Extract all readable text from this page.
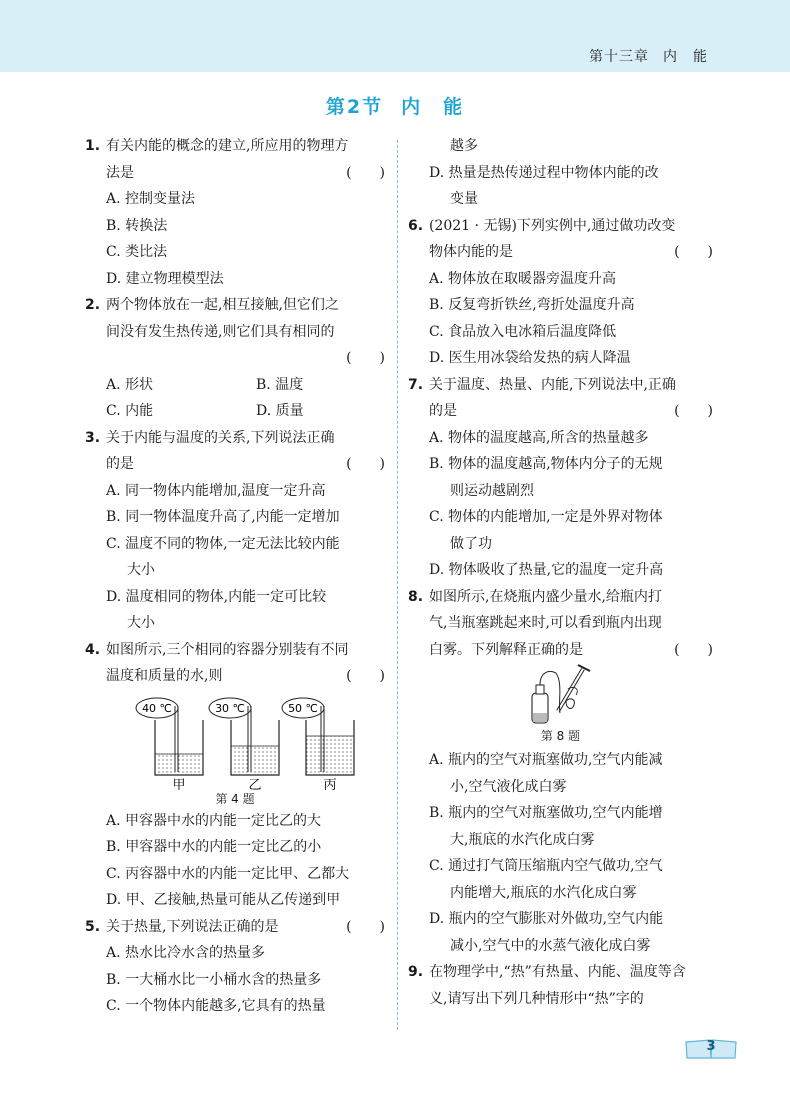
第十三章 内　能
第2节 内　能
1. 有关内能的概念的建立,所应用的物理方
法是	(　　)
A. 控制变量法
B. 转换法
C. 类比法
D. 建立物理模型法
2. 两个物体放在一起,相互接触,但它们之
间没有发生热传递,则它们具有相同的
(　　)
A. 形状	B. 温度
C. 内能	D. 质量
3. 关于内能与温度的关系,下列说法正确
的是	(　　)
A. 同一物体内能增加,温度一定升高
B. 同一物体温度升高了,内能一定增加
C. 温度不同的物体,一定无法比较内能
大小
D. 温度相同的物体,内能一定可比较
大小
4. 如图所示,三个相同的容器分别装有不同
温度和质量的水,则	(　　)
40 ℃	30 ℃	50 ℃
甲	乙	丙
第 4 题
A. 甲容器中水的内能一定比乙的大
B. 甲容器中水的内能一定比乙的小
C. 丙容器中水的内能一定比甲、乙都大
D. 甲、乙接触,热量可能从乙传递到甲
5. 关于热量,下列说法正确的是	(　　)
A. 热水比冷水含的热量多
B. 一大桶水比一小桶水含的热量多
C. 一个物体内能越多,它具有的热量
越多
D. 热量是热传递过程中物体内能的改
变量
6. (2021 · 无锡)下列实例中,通过做功改变
物体内能的是	(　　)
A. 物体放在取暖器旁温度升高
B. 反复弯折铁丝,弯折处温度升高
C. 食品放入电冰箱后温度降低
D. 医生用冰袋给发热的病人降温
7. 关于温度、热量、内能,下列说法中,正确
的是	(　　)
A. 物体的温度越高,所含的热量越多
B. 物体的温度越高,物体内分子的无规
则运动越剧烈
C. 物体的内能增加,一定是外界对物体
做了功
D. 物体吸收了热量,它的温度一定升高
8. 如图所示,在烧瓶内盛少量水,给瓶内打
气,当瓶塞跳起来时,可以看到瓶内出现
白雾。下列解释正确的是	(　　)
第 8 题
A. 瓶内的空气对瓶塞做功,空气内能减
小,空气液化成白雾
B. 瓶内的空气对瓶塞做功,空气内能增
大,瓶底的水汽化成白雾
C. 通过打气筒压缩瓶内空气做功,空气
内能增大,瓶底的水汽化成白雾
D. 瓶内的空气膨胀对外做功,空气内能
减小,空气中的水蒸气液化成白雾
9. 在物理学中,“热”有热量、内能、温度等含
义,请写出下列几种情形中“热”字的
3
